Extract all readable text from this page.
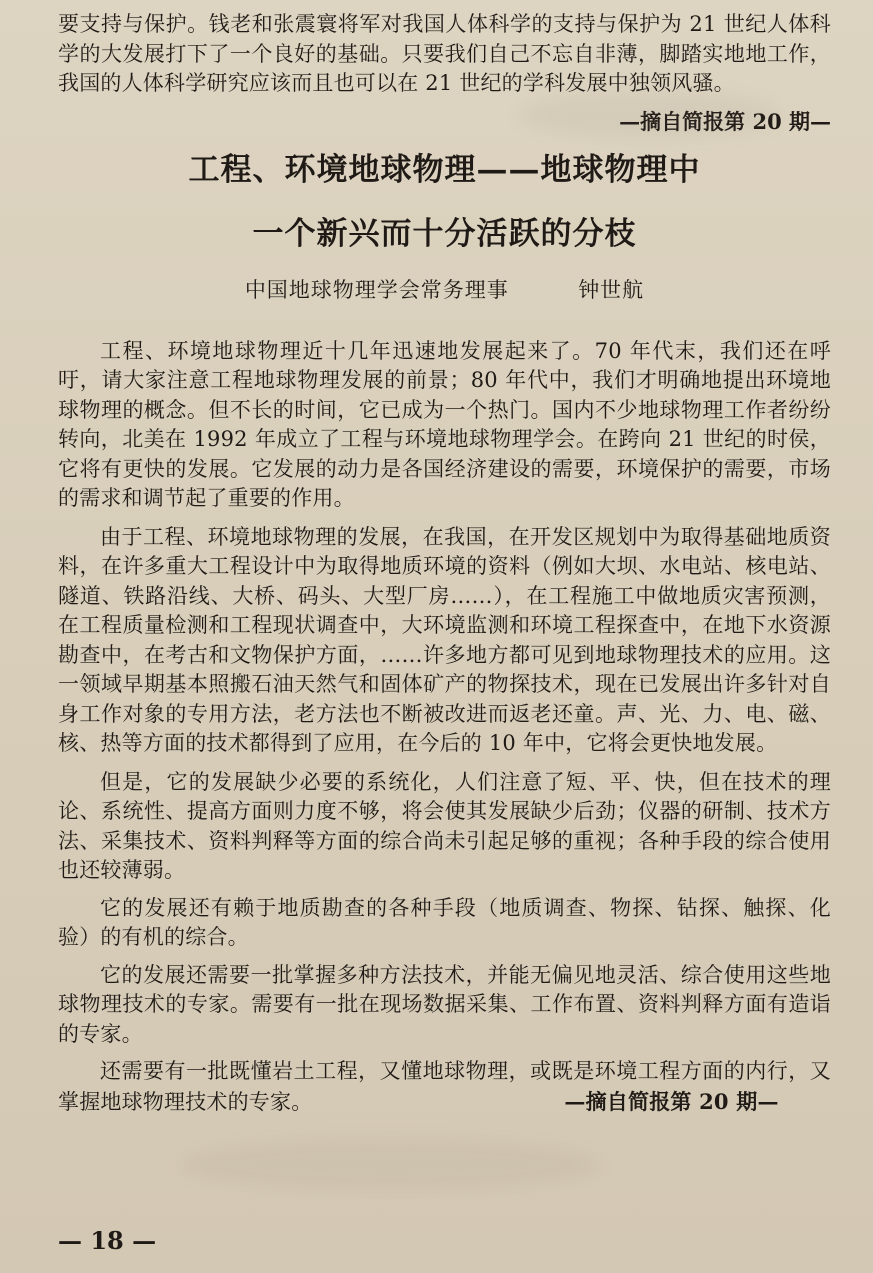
要支持与保护。钱老和张震寰将军对我国人体科学的支持与保护为 21 世纪人体科学的大发展打下了一个良好的基础。只要我们自己不忘自非薄，脚踏实地地工作，我国的人体科学研究应该而且也可以在 21 世纪的学科发展中独领风骚。

—摘自简报第 20 期—

工程、环境地球物理——地球物理中
一个新兴而十分活跃的分枝
中国地球物理学会常务理事	钟世航

工程、环境地球物理近十几年迅速地发展起来了。70 年代末，我们还在呼吁，请大家注意工程地球物理发展的前景；80 年代中，我们才明确地提出环境地球物理的概念。但不长的时间，它已成为一个热门。国内不少地球物理工作者纷纷转向，北美在 1992 年成立了工程与环境地球物理学会。在跨向 21 世纪的时侯，它将有更快的发展。它发展的动力是各国经济建设的需要，环境保护的需要，市场的需求和调节起了重要的作用。

由于工程、环境地球物理的发展，在我国，在开发区规划中为取得基础地质资料，在许多重大工程设计中为取得地质环境的资料（例如大坝、水电站、核电站、隧道、铁路沿线、大桥、码头、大型厂房……），在工程施工中做地质灾害预测，在工程质量检测和工程现状调查中，大环境监测和环境工程探查中，在地下水资源勘查中，在考古和文物保护方面，……许多地方都可见到地球物理技术的应用。这一领域早期基本照搬石油天然气和固体矿产的物探技术，现在已发展出许多针对自身工作对象的专用方法，老方法也不断被改进而返老还童。声、光、力、电、磁、核、热等方面的技术都得到了应用，在今后的 10 年中，它将会更快地发展。

但是，它的发展缺少必要的系统化，人们注意了短、平、快，但在技术的理论、系统性、提高方面则力度不够，将会使其发展缺少后劲；仪器的研制、技术方法、采集技术、资料判释等方面的综合尚未引起足够的重视；各种手段的综合使用也还较薄弱。

它的发展还有赖于地质勘查的各种手段（地质调查、物探、钻探、触探、化验）的有机的综合。

它的发展还需要一批掌握多种方法技术，并能无偏见地灵活、综合使用这些地球物理技术的专家。需要有一批在现场数据采集、工作布置、资料判释方面有造诣的专家。

还需要有一批既懂岩土工程，又懂地球物理，或既是环境工程方面的内行，又掌握地球物理技术的专家。	—摘自简报第 20 期—

— 18 —
